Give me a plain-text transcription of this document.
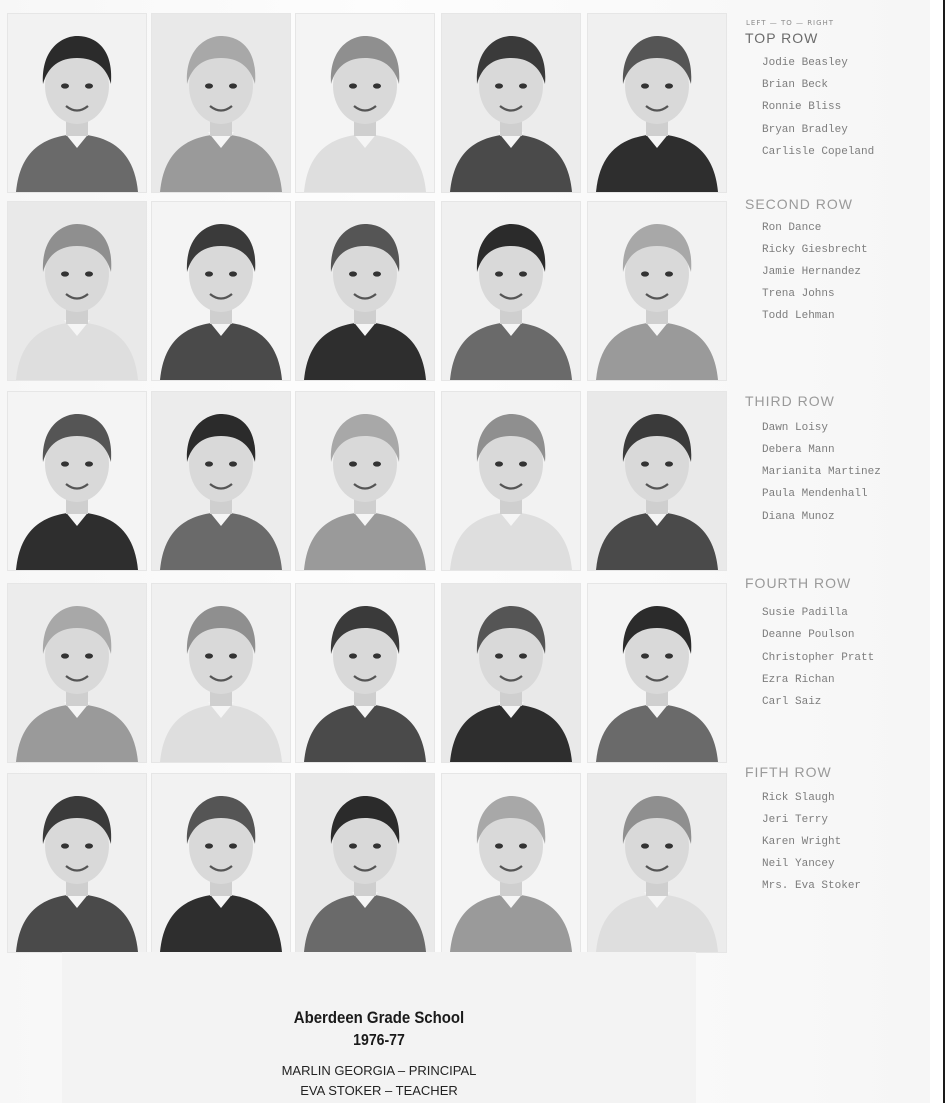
LEFT — TO — RIGHT
TOP ROW
Jodie Beasley
Brian Beck
Ronnie Bliss
Bryan Bradley
Carlisle Copeland
SECOND ROW
Ron Dance
Ricky Giesbrecht
Jamie Hernandez
Trena Johns
Todd Lehman
THIRD ROW
Dawn Loisy
Debera Mann
Marianita Martinez
Paula Mendenhall
Diana Munoz
FOURTH ROW
Susie Padilla
Deanne Poulson
Christopher Pratt
Ezra Richan
Carl Saiz
FIFTH ROW
Rick Slaugh
Jeri Terry
Karen Wright
Neil Yancey
Mrs. Eva Stoker
Aberdeen Grade School
1976-77
MARLIN GEORGIA – PRINCIPAL
EVA STOKER – TEACHER
